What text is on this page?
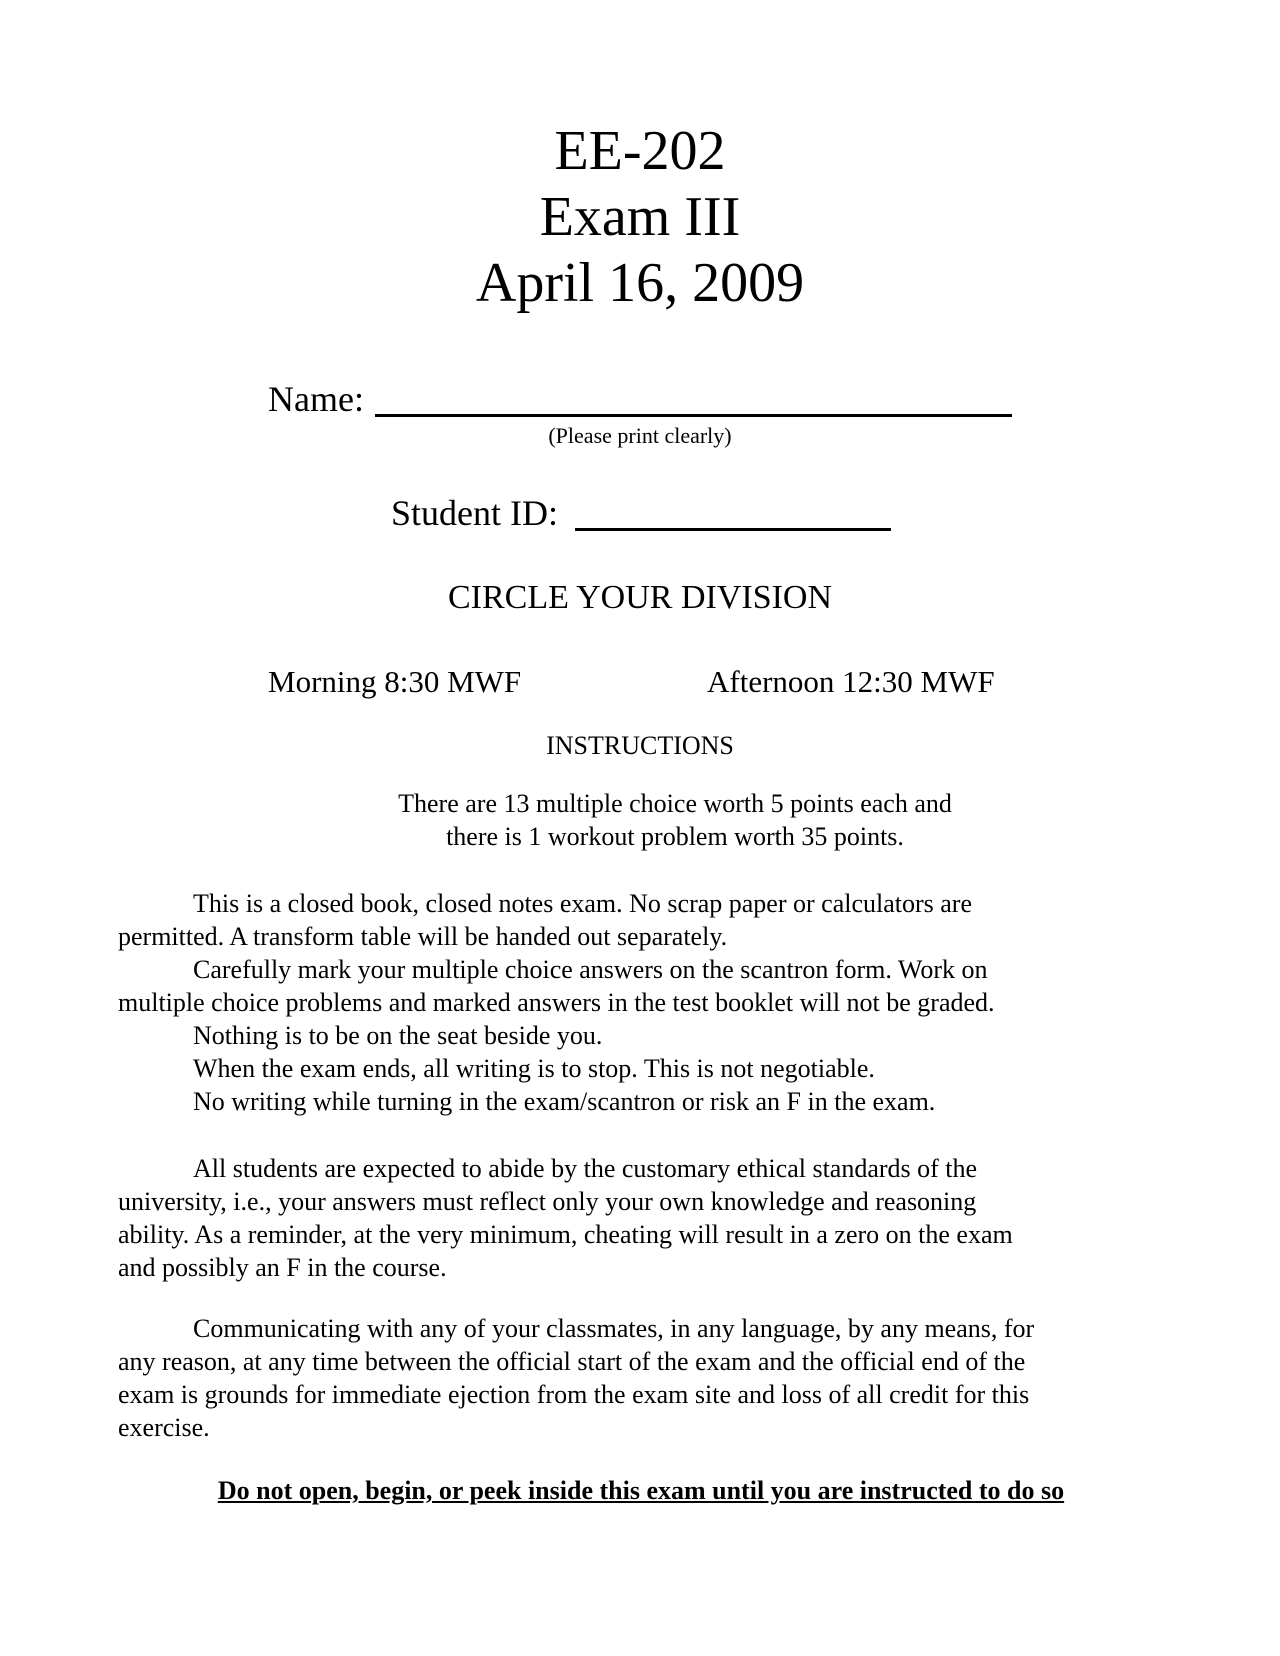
EE-202
Exam III
April 16, 2009
Name:
(Please print clearly)
Student ID:
CIRCLE YOUR DIVISION
Morning 8:30 MWF	Afternoon 12:30 MWF
INSTRUCTIONS
There are 13 multiple choice worth 5 points each and
there is 1 workout problem worth 35 points.
This is a closed book, closed notes exam. No scrap paper or calculators are
permitted. A transform table will be handed out separately.
Carefully mark your multiple choice answers on the scantron form. Work on
multiple choice problems and marked answers in the test booklet will not be graded.
Nothing is to be on the seat beside you.
When the exam ends, all writing is to stop. This is not negotiable.
No writing while turning in the exam/scantron or risk an F in the exam.
All students are expected to abide by the customary ethical standards of the
university, i.e., your answers must reflect only your own knowledge and reasoning
ability. As a reminder, at the very minimum, cheating will result in a zero on the exam
and possibly an F in the course.
Communicating with any of your classmates, in any language, by any means, for
any reason, at any time between the official start of the exam and the official end of the
exam is grounds for immediate ejection from the exam site and loss of all credit for this
exercise.
Do not open, begin, or peek inside this exam until you are instructed to do so
